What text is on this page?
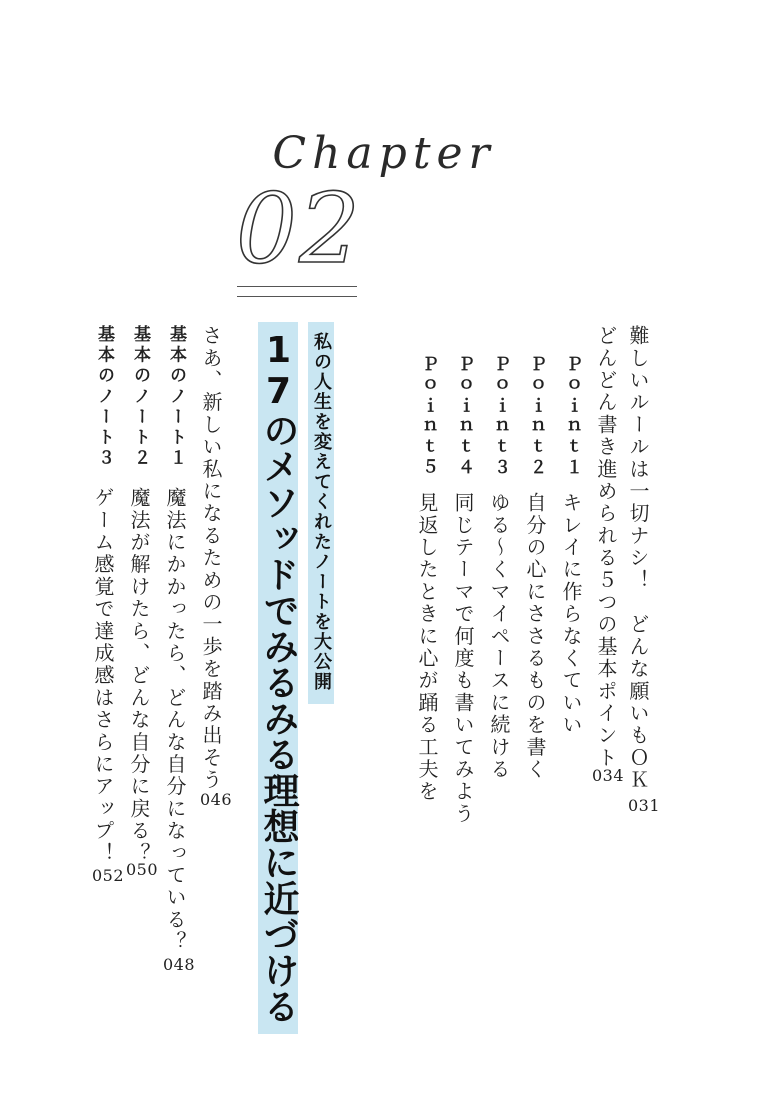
Chapter
02
難しいルールは一切ナシ！　どんな願いもＯＫ
031
どんどん書き進められる５つの基本ポイント
034
Ｐｏｉｎｔ１
キレイに作らなくていい
Ｐｏｉｎｔ２
自分の心にささるものを書く
Ｐｏｉｎｔ３
ゆる～くマイペースに続ける
Ｐｏｉｎｔ４
同じテーマで何度も書いてみよう
Ｐｏｉｎｔ５
見返したときに心が踊る工夫を
私の人生を変えてくれたノートを大公開
17のメソッドでみるみる理想に近づける
さあ、新しい私になるための一歩を踏み出そう
046
基本のノート１
魔法にかかったら、どんな自分になっている？
048
基本のノート２
魔法が解けたら、どんな自分に戻る？
050
基本のノート３
ゲーム感覚で達成感はさらにアップ！
052
